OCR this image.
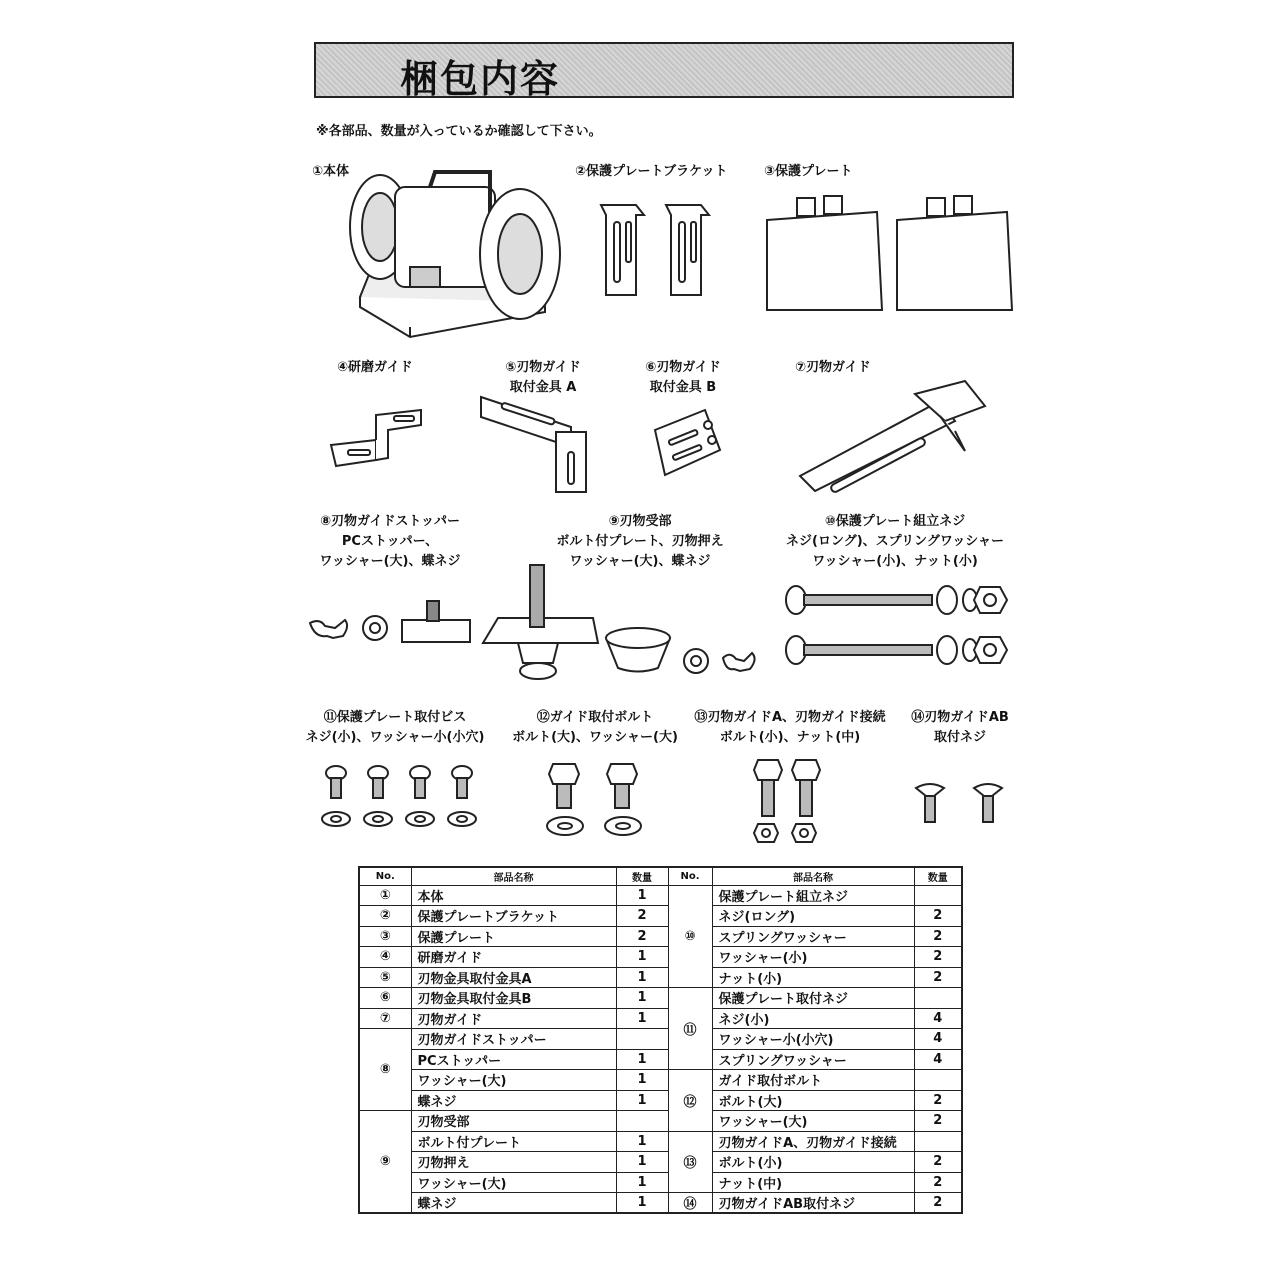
梱包内容
※各部品、数量が入っているか確認して下さい。
①本体	②保護プレートブラケット	③保護プレート
④研磨ガイド	⑤刃物ガイド
取付金具 A
⑥刃物ガイド
取付金具 B
⑦刃物ガイド
⑧刃物ガイドストッパー
PCストッパー、
ワッシャー(大)、蝶ネジ
⑨刃物受部
ボルト付プレート、刃物押え
ワッシャー(大)、蝶ネジ
⑩保護プレート組立ネジ
ネジ(ロング)、スプリングワッシャー
ワッシャー(小)、ナット(小)
⑪保護プレート取付ビス
ネジ(小)、ワッシャー小(小穴)
⑫ガイド取付ボルト
ボルト(大)、ワッシャー(大)
⑬刃物ガイドA、刃物ガイド接続
ボルト(小)、ナット(中)
⑭刃物ガイドAB
取付ネジ
No.	部品名称	数量	No.	部品名称	数量
①	本体	1	⑩	保護プレート組立ネジ	
②	保護プレートブラケット	2		ネジ(ロング)	2
③	保護プレート	2		スプリングワッシャー	2
④	研磨ガイド	1		ワッシャー(小)	2
⑤	刃物金具取付金具A	1		ナット(小)	2
⑥	刃物金具取付金具B	1	⑪	保護プレート取付ネジ	
⑦	刃物ガイド	1		ネジ(小)	4
⑧	刃物ガイドストッパー			ワッシャー小(小穴)	4
	PCストッパー	1		スプリングワッシャー	4
	ワッシャー(大)	1	⑫	ガイド取付ボルト	
	蝶ネジ	1		ボルト(大)	2
⑨	刃物受部			ワッシャー(大)	2
	ボルト付プレート	1	⑬	刃物ガイドA、刃物ガイド接続	
	刃物押え	1		ボルト(小)	2
	ワッシャー(大)	1		ナット(中)	2
	蝶ネジ	1	⑭	刃物ガイドAB取付ネジ	2
